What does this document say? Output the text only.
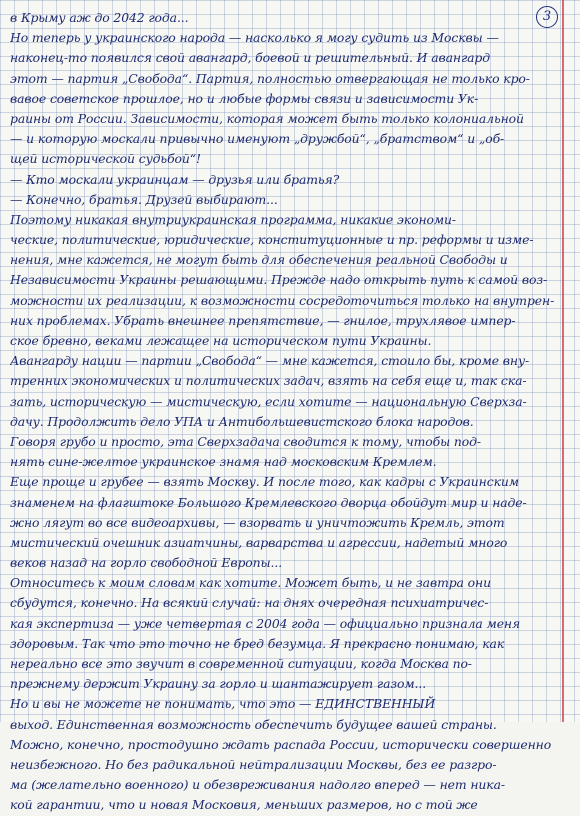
3
в Крыму аж до 2042 года...
Но теперь у украинского народа — насколько я могу судить из Москвы —
наконец-то появился свой авангард, боевой и решительный. И авангард
этот — партия „Свобода“. Партия, полностью отвергающая не только кро-
вавое советское прошлое, но и любые формы связи и зависимости Ук-
раины от России. Зависимости, которая может быть только колониальной
— и которую москали привычно именуют „дружбой“, „братством“ и „об-
щей исторической судьбой“!
— Кто москали украинцам — друзья или братья?
— Конечно, братья. Друзей выбирают...
Поэтому никакая внутриукраинская программа, никакие экономи-
ческие, политические, юридические, конституционные и пр. реформы и изме-
нения, мне кажется, не могут быть для обеспечения реальной Свободы и
Независимости Украины решающими. Прежде надо открыть путь к самой воз-
можности их реализации, к возможности сосредоточиться только на внутрен-
них проблемах. Убрать внешнее препятствие, — гнилое, трухлявое импер-
ское бревно, веками лежащее на историческом пути Украины.
Авангарду нации — партии „Свобода“ — мне кажется, стоило бы, кроме вну-
тренних экономических и политических задач, взять на себя еще и, так ска-
зать, историческую — мистическую, если хотите — национальную Сверхза-
дачу. Продолжить дело УПА и Антибольшевистского блока народов.
Говоря грубо и просто, эта Сверхзадача сводится к тому, чтобы под-
нять сине-желтое украинское знамя над московским Кремлем.
Еще проще и грубее — взять Москву. И после того, как кадры с Украинским
знаменем на флагштоке Большого Кремлевского дворца обойдут мир и наде-
жно лягут во все видеоархивы, — взорвать и уничтожить Кремль, этот
мистический очешник азиатчины, варварства и агрессии, надетый много
веков назад на горло свободной Европы...
Относитесь к моим словам как хотите. Может быть, и не завтра они
сбудутся, конечно. На всякий случай: на днях очередная психиатричес-
кая экспертиза — уже четвертая с 2004 года — официально признала меня
здоровым. Так что это точно не бред безумца. Я прекрасно понимаю, как
нереально все это звучит в современной ситуации, когда Москва по-
прежнему держит Украину за горло и шантажирует газом...
Но и вы не можете не понимать, что это — ЕДИНСТВЕННЫЙ
выход. Единственная возможность обеспечить будущее вашей страны.
Можно, конечно, простодушно ждать распада России, исторически совершенно
неизбежного. Но без радикальной нейтрализации Москвы, без ее разгро-
ма (желательно военного) и обезвреживания надолго вперед — нет ника-
кой гарантии, что и новая Московия, меньших размеров, но с той же
